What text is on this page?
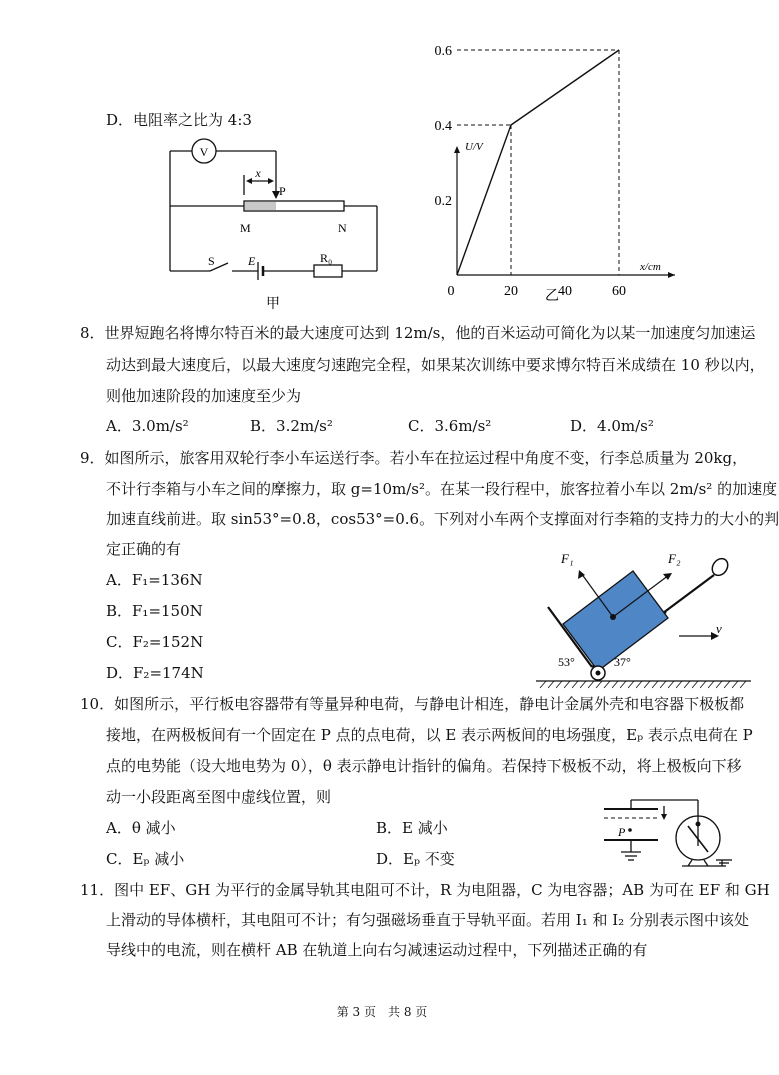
D．电阻率之比为 4:3
V
x
P
M	N
S	E	R₀
甲
0.2
0.4
0.6
20	40	60
0
U/V
x/cm
乙
8．世界短跑名将博尔特百米的最大速度可达到 12m/s，他的百米运动可简化为以某一加速度匀加速运
动达到最大速度后，以最大速度匀速跑完全程，如果某次训练中要求博尔特百米成绩在 10 秒以内，
则他加速阶段的加速度至少为
A．3.0m/s²	B．3.2m/s²	C．3.6m/s²	D．4.0m/s²
9．如图所示，旅客用双轮行李小车运送行李。若小车在拉运过程中角度不变，行李总质量为 20kg，
不计行李箱与小车之间的摩擦力，取 g=10m/s²。在某一段行程中，旅客拉着小车以 2m/s² 的加速度
加速直线前进。取 sin53°=0.8，cos53°=0.6。下列对小车两个支撑面对行李箱的支持力的大小的判
定正确的有
A．F₁=136N
B．F₁=150N
C．F₂=152N
D．F₂=174N
F₁	F₂
v
53°	37°
10．如图所示，平行板电容器带有等量异种电荷，与静电计相连，静电计金属外壳和电容器下极板都
接地，在两极板间有一个固定在 P 点的点电荷，以 E 表示两板间的电场强度，Eₚ 表示点电荷在 P
点的电势能（设大地电势为 0），θ 表示静电计指针的偏角。若保持下极板不动，将上极板向下移
动一小段距离至图中虚线位置，则
A．θ 减小	B．E 减小
C．Eₚ 减小	D．Eₚ 不变
P
11．图中 EF、GH 为平行的金属导轨其电阻可不计，R 为电阻器，C 为电容器；AB 为可在 EF 和 GH
上滑动的导体横杆，其电阻可不计；有匀强磁场垂直于导轨平面。若用 I₁ 和 I₂ 分别表示图中该处
导线中的电流，则在横杆 AB 在轨道上向右匀减速运动过程中，下列描述正确的有
第 3 页　共 8 页
